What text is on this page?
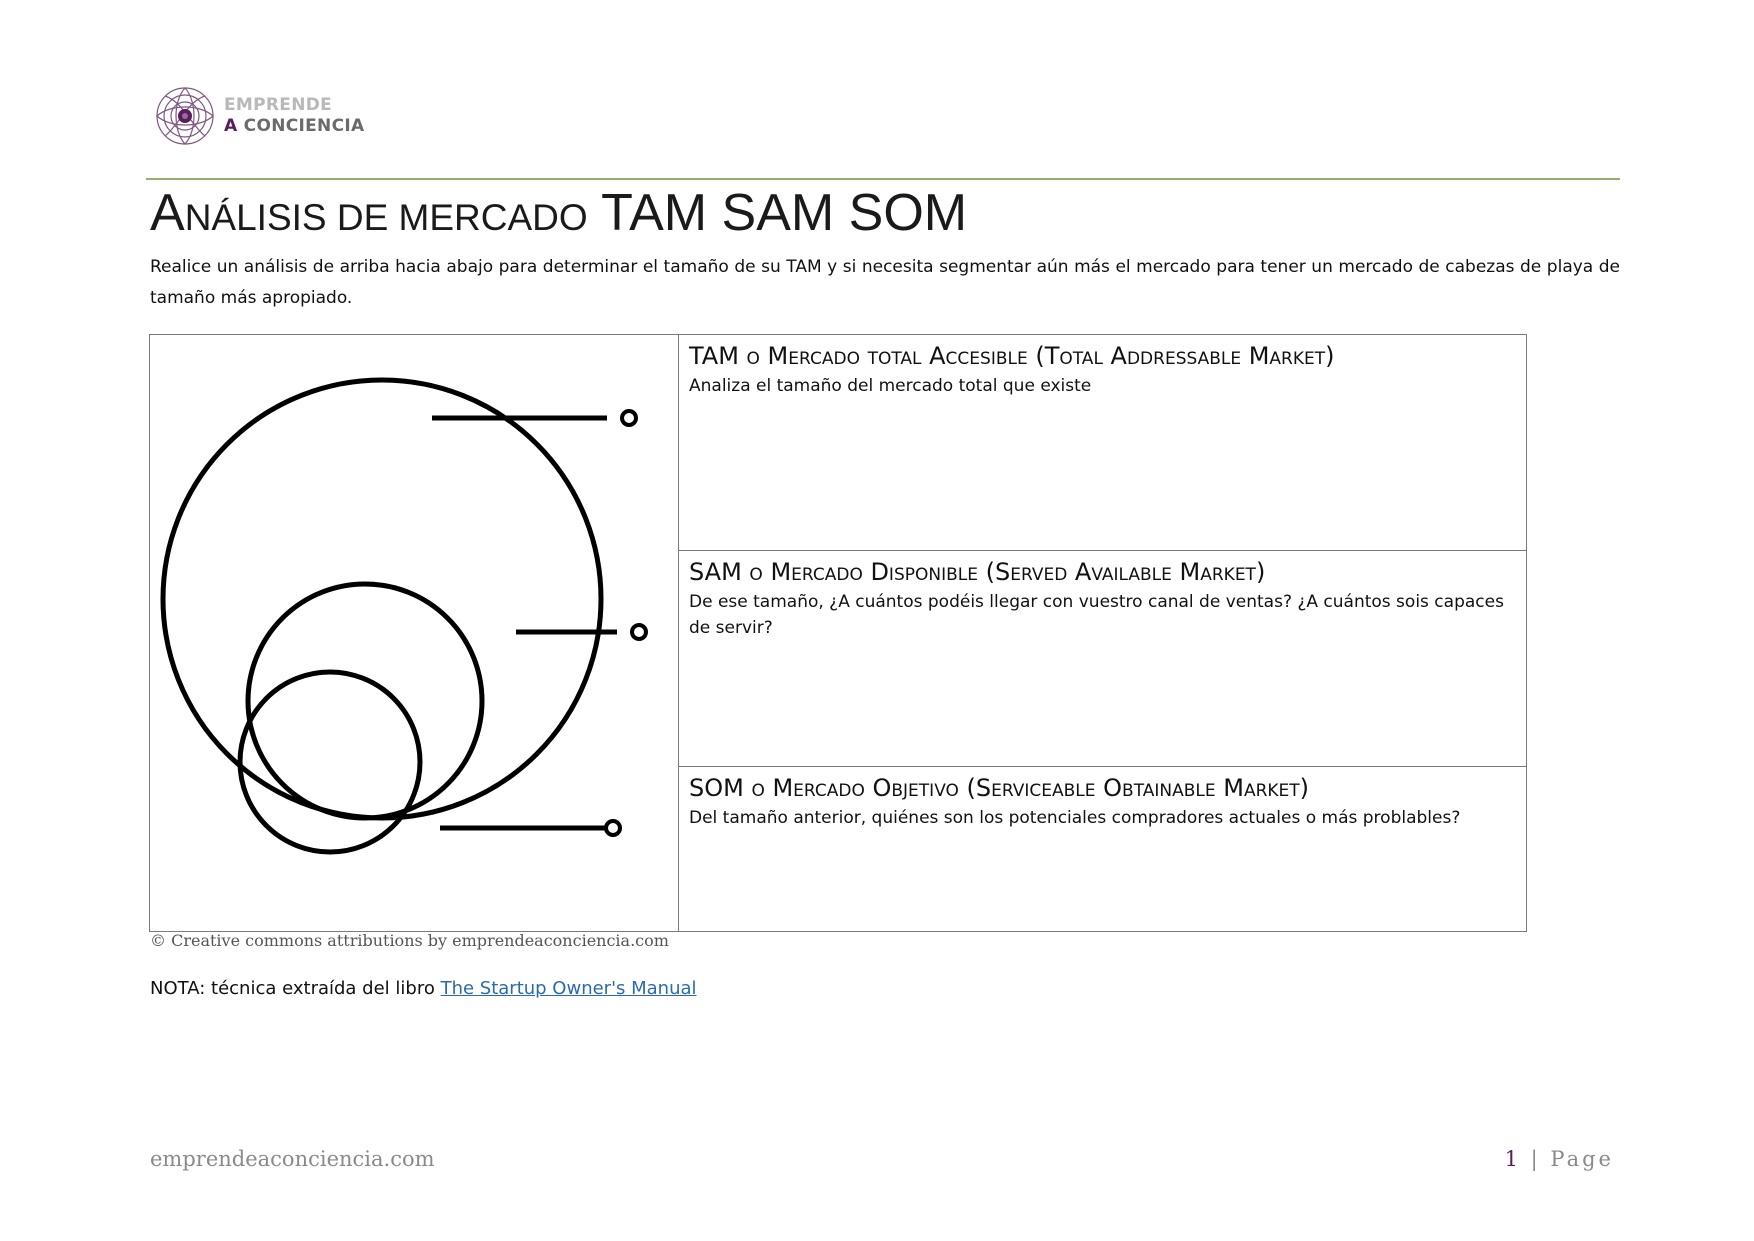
EMPRENDE
A CONCIENCIA
ANÁLISIS DE MERCADO TAM SAM SOM

Realice un análisis de arriba hacia abajo para determinar el tamaño de su TAM y si necesita segmentar aún más el mercado para tener un mercado de cabezas de playa de tamaño más apropiado.

TAM o Mercado total Accesible (Total Addressable Market)

Analiza el tamaño del mercado total que existe

SAM o Mercado Disponible (Served Available Market)

De ese tamaño, ¿A cuántos podéis llegar con vuestro canal de ventas? ¿A cuántos sois capaces de servir?

SOM o Mercado Objetivo (Serviceable Obtainable Market)

Del tamaño anterior, quiénes son los potenciales compradores actuales o más problables?

© Creative commons attributions by emprendeaconciencia.com

NOTA: técnica extraída del libro The Startup Owner's Manual

emprendeaconciencia.com	1 | Page
